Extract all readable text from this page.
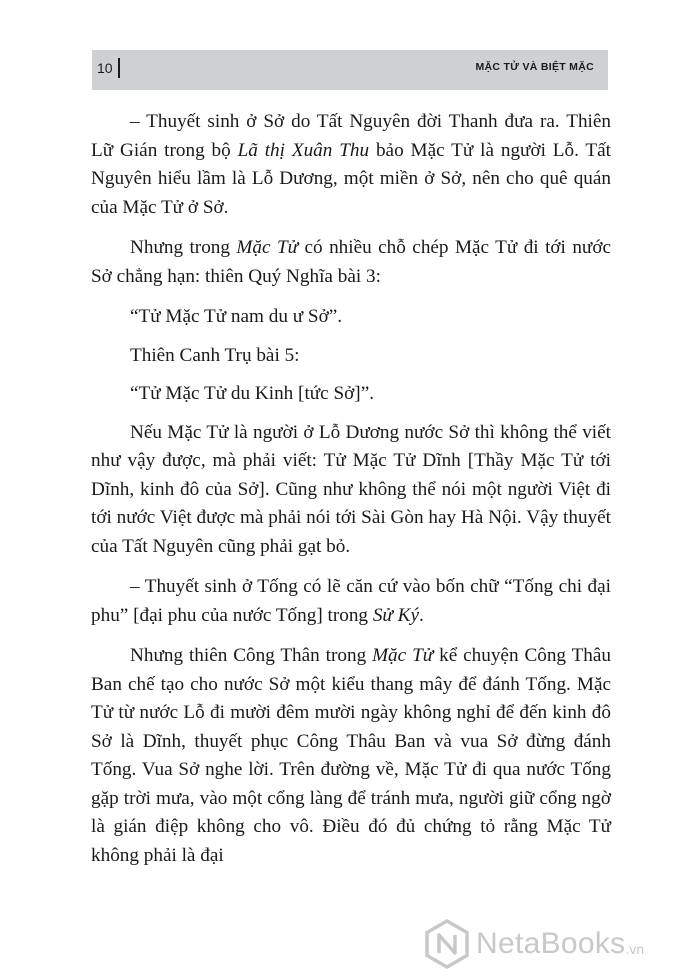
10	MẶC TỬ VÀ BIỆT MẶC

– Thuyết sinh ở Sở do Tất Nguyên đời Thanh đưa ra. Thiên Lữ Gián trong bộ Lã thị Xuân Thu bảo Mặc Tử là người Lỗ. Tất Nguyên hiểu lầm là Lỗ Dương, một miền ở Sở, nên cho quê quán của Mặc Tử ở Sở.

Nhưng trong Mặc Tử có nhiều chỗ chép Mặc Tử đi tới nước Sở chẳng hạn: thiên Quý Nghĩa bài 3:

“Tử Mặc Tử nam du ư Sở”.

Thiên Canh Trụ bài 5:

“Tử Mặc Tử du Kinh [tức Sở]”.

Nếu Mặc Tử là người ở Lỗ Dương nước Sở thì không thể viết như vậy được, mà phải viết: Tử Mặc Tử Dĩnh [Thầy Mặc Tử tới Dĩnh, kinh đô của Sở]. Cũng như không thể nói một người Việt đi tới nước Việt được mà phải nói tới Sài Gòn hay Hà Nội. Vậy thuyết của Tất Nguyên cũng phải gạt bỏ.

– Thuyết sinh ở Tống có lẽ căn cứ vào bốn chữ “Tống chi đại phu” [đại phu của nước Tống] trong Sử Ký.

Nhưng thiên Công Thân trong Mặc Tử kể chuyện Công Thâu Ban chế tạo cho nước Sở một kiểu thang mây để đánh Tống. Mặc Tử từ nước Lỗ đi mười đêm mười ngày không nghỉ để đến kinh đô Sở là Dĩnh, thuyết phục Công Thâu Ban và vua Sở đừng đánh Tống. Vua Sở nghe lời. Trên đường về, Mặc Tử đi qua nước Tống gặp trời mưa, vào một cổng làng để tránh mưa, người giữ cổng ngờ là gián điệp không cho vô. Điều đó đủ chứng tỏ rằng Mặc Tử không phải là đại

NetaBooks .vn
